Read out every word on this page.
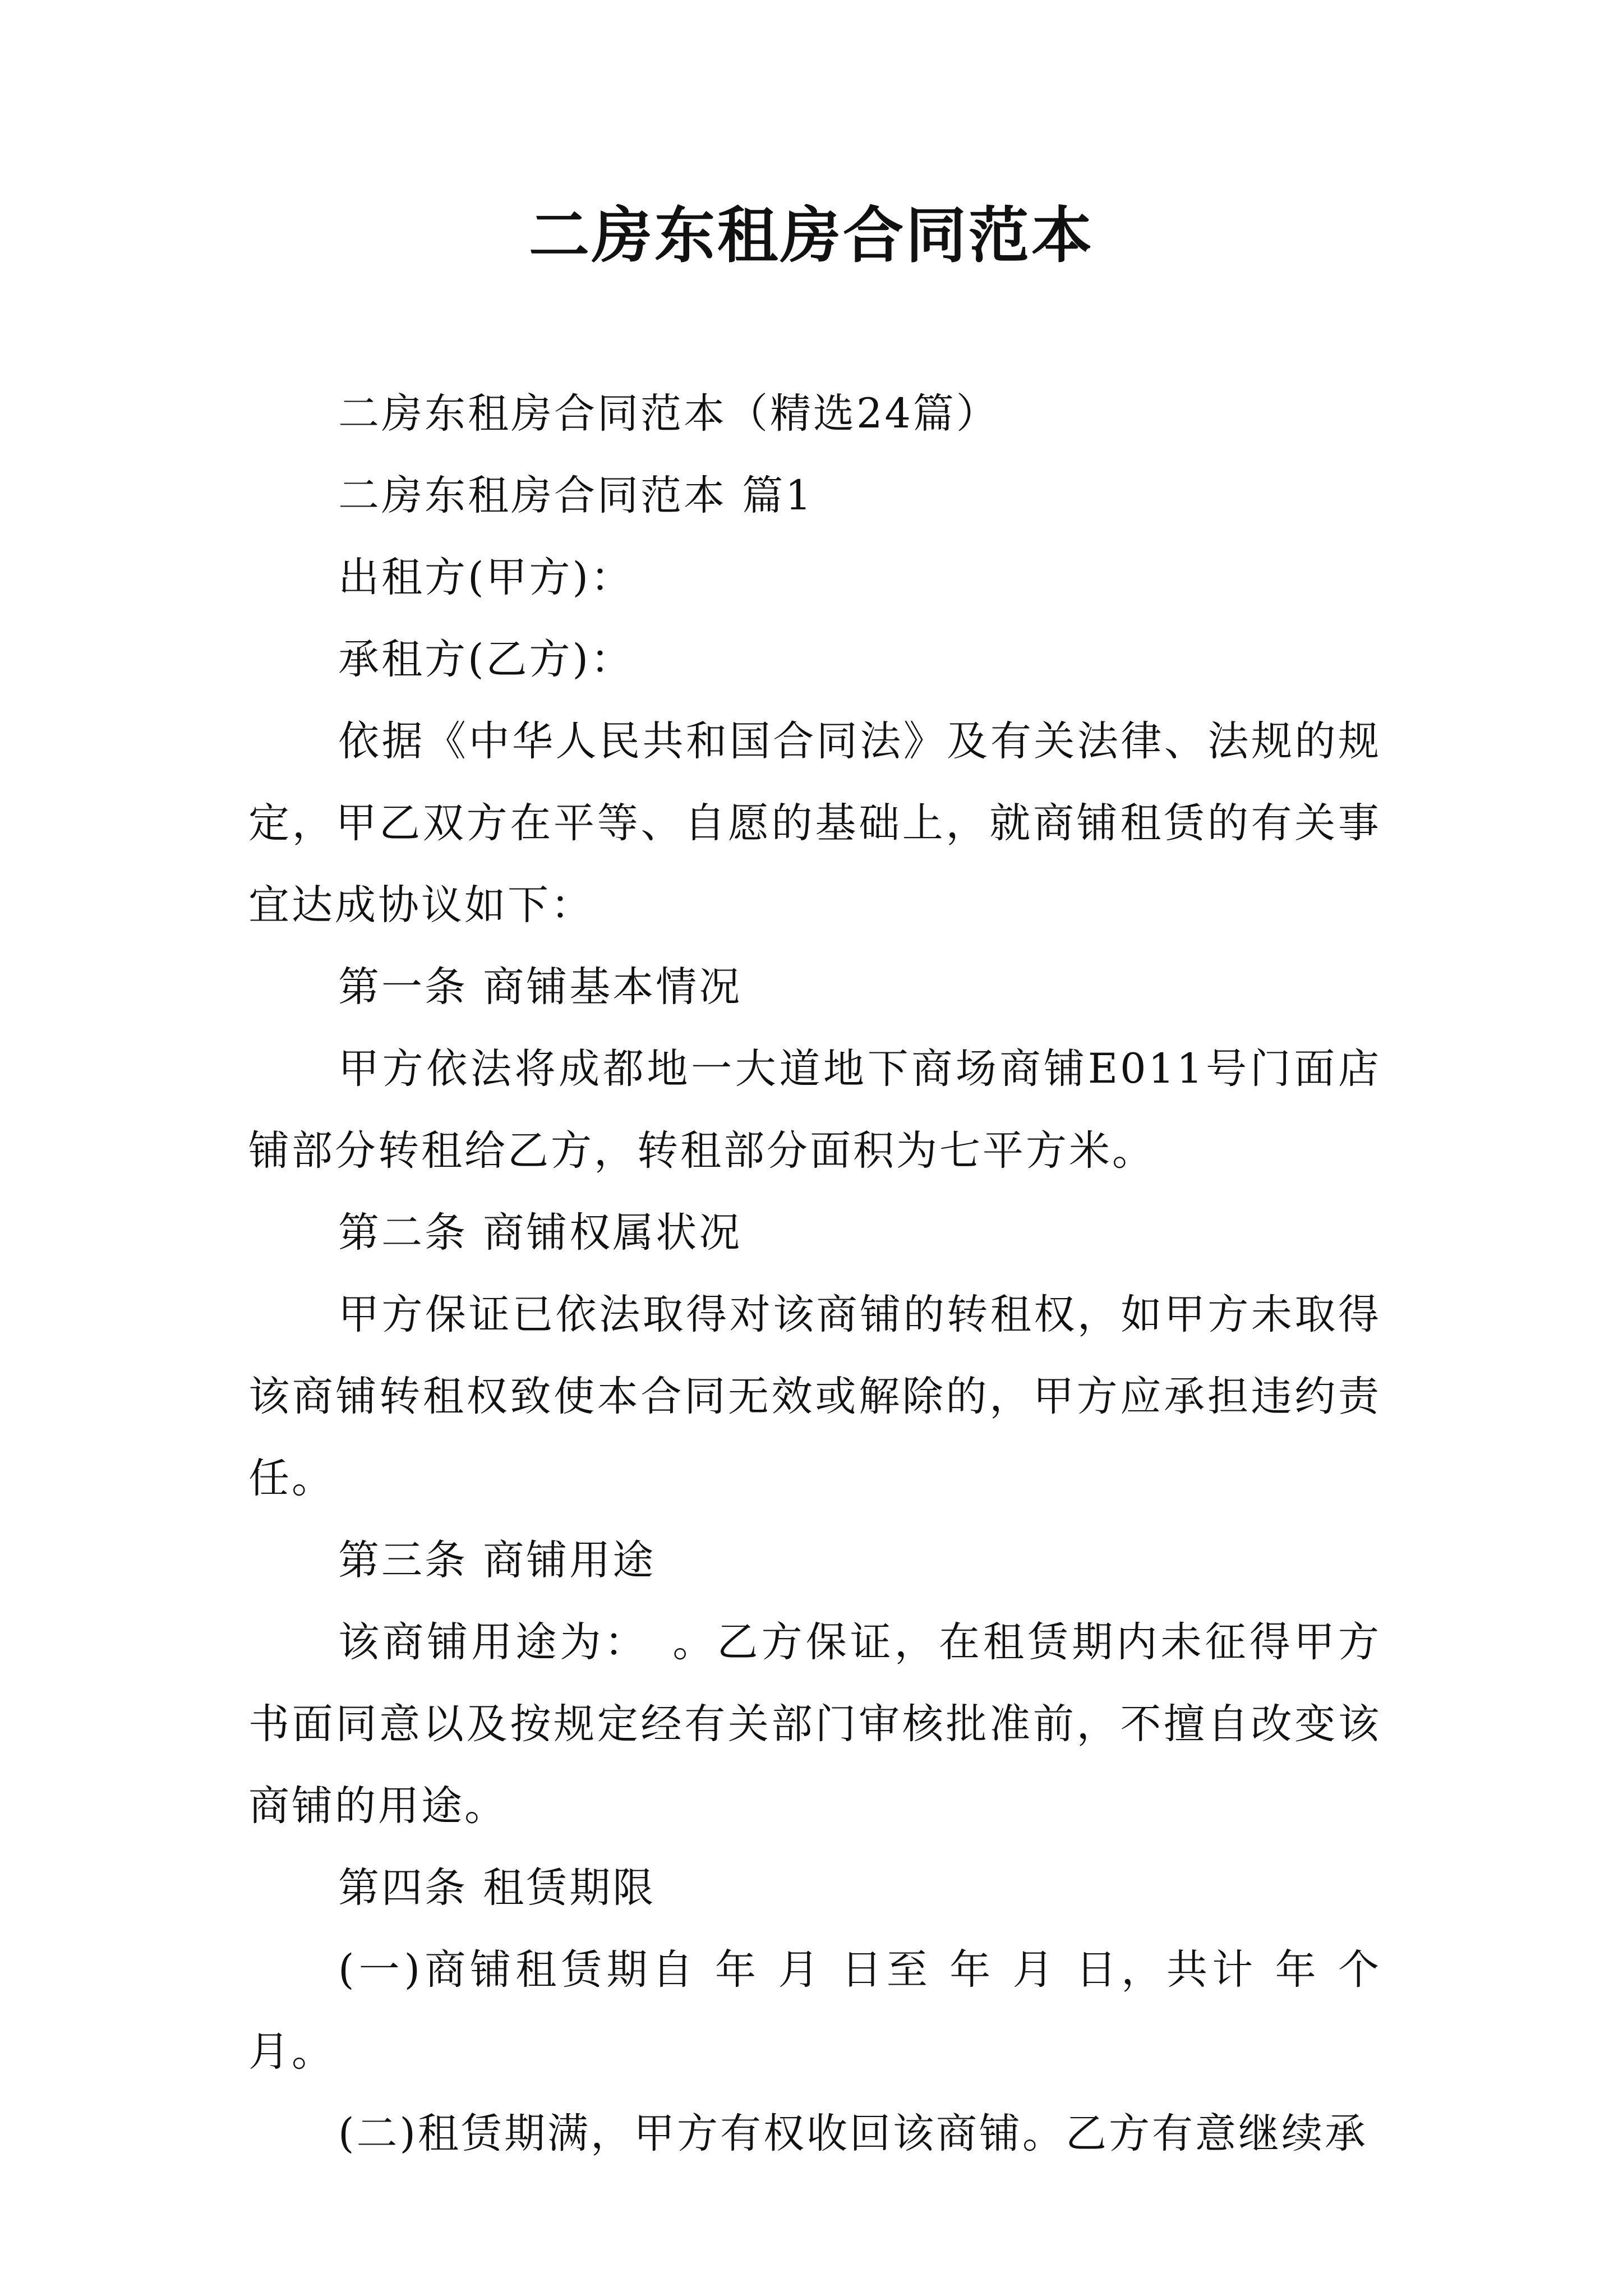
二房东租房合同范本

二房东租房合同范本（精选24篇）

二房东租房合同范本 篇1

出租方(甲方)：

承租方(乙方)：

依据《中华人民共和国合同法》及有关法律、法规的规定，甲乙双方在平等、自愿的基础上，就商铺租赁的有关事宜达成协议如下：

第一条 商铺基本情况

甲方依法将成都地一大道地下商场商铺E011号门面店铺部分转租给乙方，转租部分面积为七平方米。

第二条 商铺权属状况

甲方保证已依法取得对该商铺的转租权，如甲方未取得该商铺转租权致使本合同无效或解除的，甲方应承担违约责任。

第三条 商铺用途

该商铺用途为：　。乙方保证，在租赁期内未征得甲方书面同意以及按规定经有关部门审核批准前，不擅自改变该商铺的用途。

第四条 租赁期限

(一)商铺租赁期自 年 月 日至 年 月 日，共计 年 个月。

(二)租赁期满，甲方有权收回该商铺。乙方有意继续承
